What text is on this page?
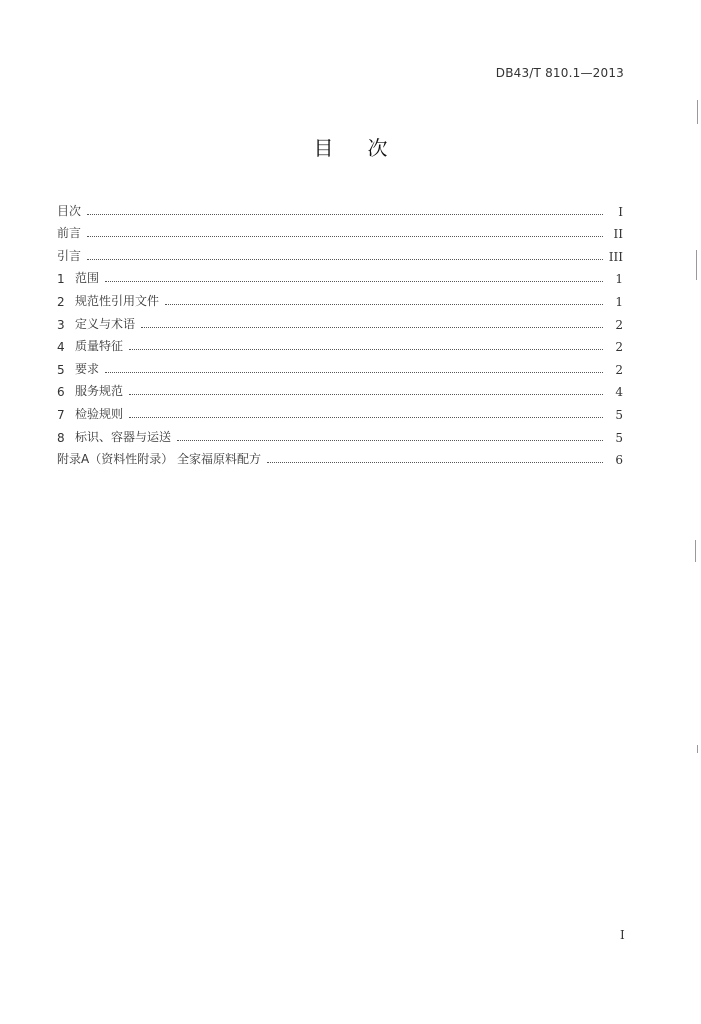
DB43/T 810.1—2013
目次
目次	I
前言	II
引言	III
1 范围	1
2 规范性引用文件	1
3 定义与术语	2
4 质量特征	2
5 要求	2
6 服务规范	4
7 检验规则	5
8 标识、容器与运送	5
附录A（资料性附录） 全家福原料配方	6
I
